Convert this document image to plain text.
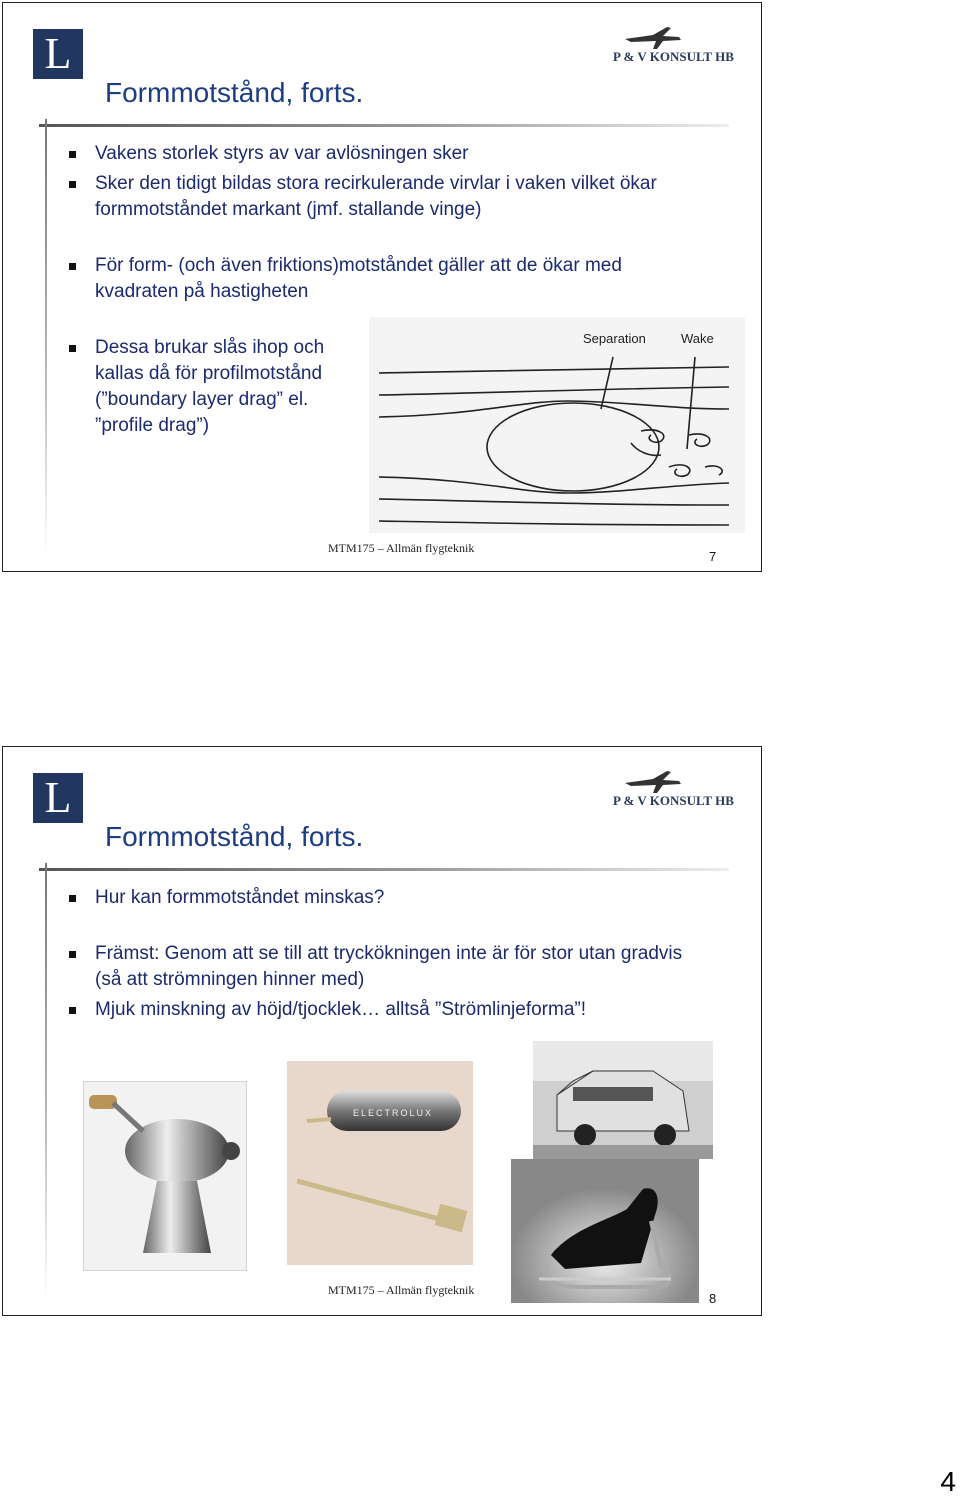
L	P & V KONSULT HB
Formmotstånd, forts.
Vakens storlek styrs av var avlösningen sker
Sker den tidigt bildas stora recirkulerande virvlar i vaken vilket ökar formmotståndet markant (jmf. stallande vinge)
För form- (och även friktions)motståndet gäller att de ökar med kvadraten på hastigheten
Dessa brukar slås ihop och kallas då för profilmotstånd (”boundary layer drag” el. ”profile drag”)
Separation	Wake
MTM175 – Allmän flygteknik
7
L	P & V KONSULT HB
Formmotstånd, forts.
Hur kan formmotståndet minskas?
Främst: Genom att se till att tryckökningen inte är för stor utan gradvis (så att strömningen hinner med)
Mjuk minskning av höjd/tjocklek… alltså ”Strömlinjeforma”!
ELECTROLUX
MTM175 – Allmän flygteknik
8
4
